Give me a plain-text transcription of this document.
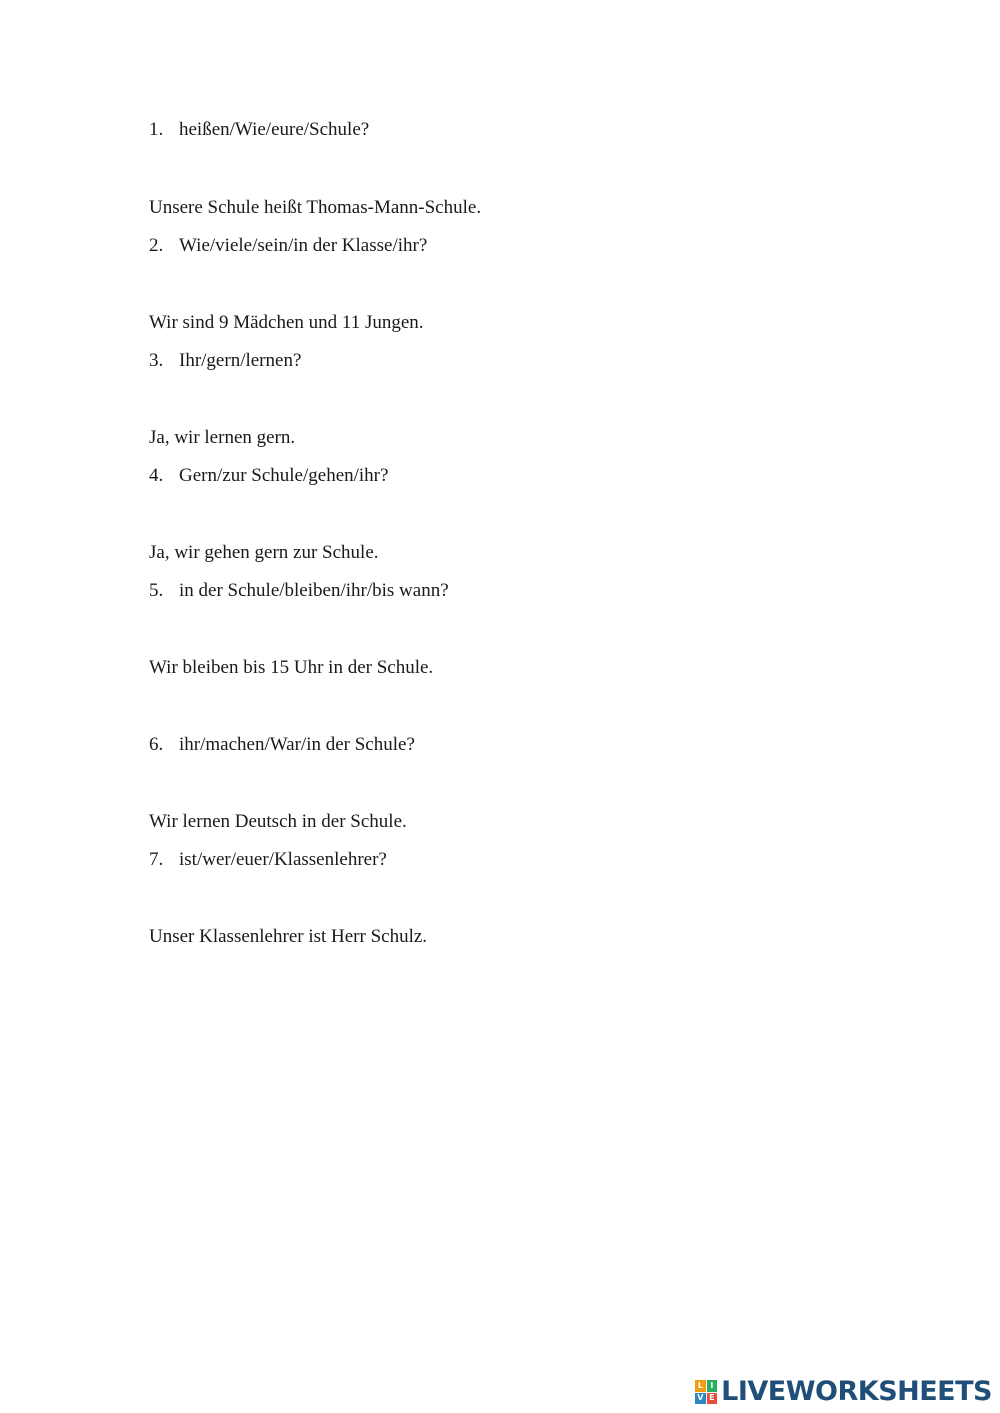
1. heißen/Wie/eure/Schule?
Unsere Schule heißt Thomas-Mann-Schule.
2. Wie/viele/sein/in der Klasse/ihr?
Wir sind 9 Mädchen und 11 Jungen.
3. Ihr/gern/lernen?
Ja, wir lernen gern.
4. Gern/zur Schule/gehen/ihr?
Ja, wir gehen gern zur Schule.
5. in der Schule/bleiben/ihr/bis wann?
Wir bleiben bis 15 Uhr in der Schule.
6. ihr/machen/War/in der Schule?
Wir lernen Deutsch in der Schule.
7. ist/wer/euer/Klassenlehrer?
Unser Klassenlehrer ist Herr Schulz.
L I
V E LIVEWORKSHEETS
